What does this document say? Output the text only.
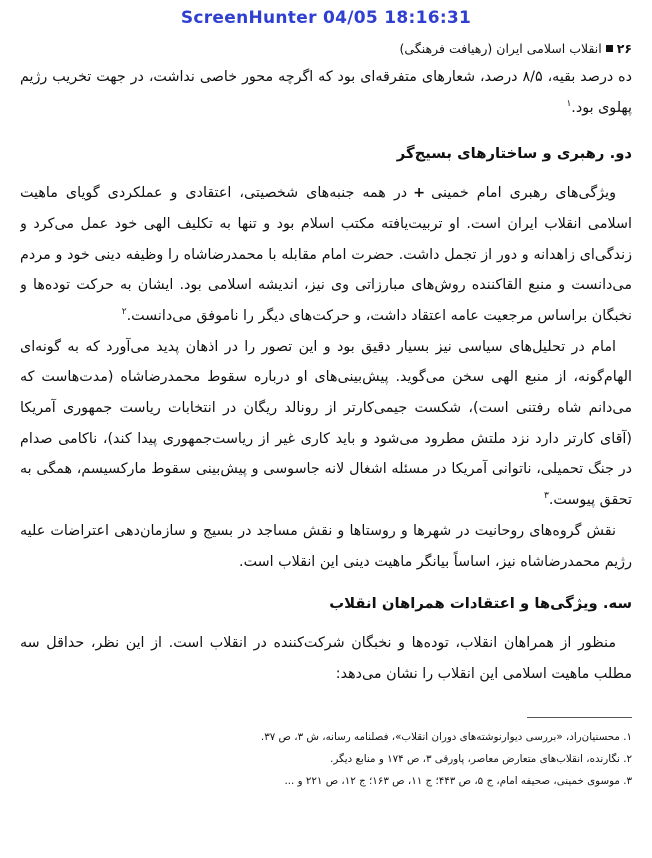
ScreenHunter 04/05 18:16:31
۲۶انقلاب اسلامی ایران (رهیافت فرهنگی)

ده درصد بقیه، ۸/۵ درصد، شعارهای متفرقه‌ای بود که اگرچه محور خاصی نداشت، در جهت تخریب رژیم پهلوی بود.$^۱$

دو. رهبری و ساختارهای بسیج‌گر

ویژگی‌های رهبری امام خمینی+در همه جنبه‌های شخصیتی، اعتقادی و عملکردی گویای ماهیت اسلامی انقلاب ایران است. او تربیت‌یافته مکتب اسلام بود و تنها به تکلیف الهی خود عمل می‌کرد و زندگی‌ای زاهدانه و دور از تجمل داشت. حضرت امام مقابله با محمدرضاشاه را وظیفه دینی خود و مردم می‌دانست و منبع القاکننده روش‌های مبارزاتی وی نیز، اندیشه اسلامی بود. ایشان به حرکت توده‌ها و نخبگان براساس مرجعیت عامه اعتقاد داشت، و حرکت‌های دیگر را ناموفق می‌دانست.$^۲$

امام در تحلیل‌های سیاسی نیز بسیار دقیق بود و این تصور را در اذهان پدید می‌آورد که به گونه‌ای الهام‌گونه، از منبع الهی سخن می‌گوید. پیش‌بینی‌های او درباره سقوط محمدرضاشاه (مدت‌هاست که می‌دانم شاه رفتنی است)، شکست جیمی‌کارتر از رونالد ریگان در انتخابات ریاست جمهوری آمریکا (آقای کارتر دارد نزد ملتش مطرود می‌شود و باید کاری غیر از ریاست‌جمهوری پیدا کند)، ناکامی صدام در جنگ تحمیلی، ناتوانی آمریکا در مسئله اشغال لانه جاسوسی و پیش‌بینی سقوط مارکسیسم، همگی به تحقق پیوست.$^۳$

نقش گروه‌های روحانیت در شهرها و روستاها و نقش مساجد در بسیج و سازمان‌دهی اعتراضات علیه رژیم محمدرضاشاه نیز، اساساً بیانگر ماهیت دینی این انقلاب است.

سه. ویژگی‌ها و اعتقادات همراهان انقلاب

منظور از همراهان انقلاب، توده‌ها و نخبگان شرکت‌کننده در انقلاب است. از این نظر، حداقل سه مطلب ماهیت اسلامی این انقلاب را نشان می‌دهد:

۱. محسنیان‌راد، «بررسی دیوارنوشته‌های دوران انقلاب»، فصلنامه رسانه، ش ۳، ص ۳۷.
۲. نگارنده، انقلاب‌های متعارض معاصر، پاورقی ۳، ص ۱۷۴ و منابع دیگر.
۳. موسوی خمینی، صحیفه امام، ج ۵، ص ۴۴۳؛ ج ۱۱، ص ۱۶۳؛ ج ۱۲، ص ۲۲۱ و ...
